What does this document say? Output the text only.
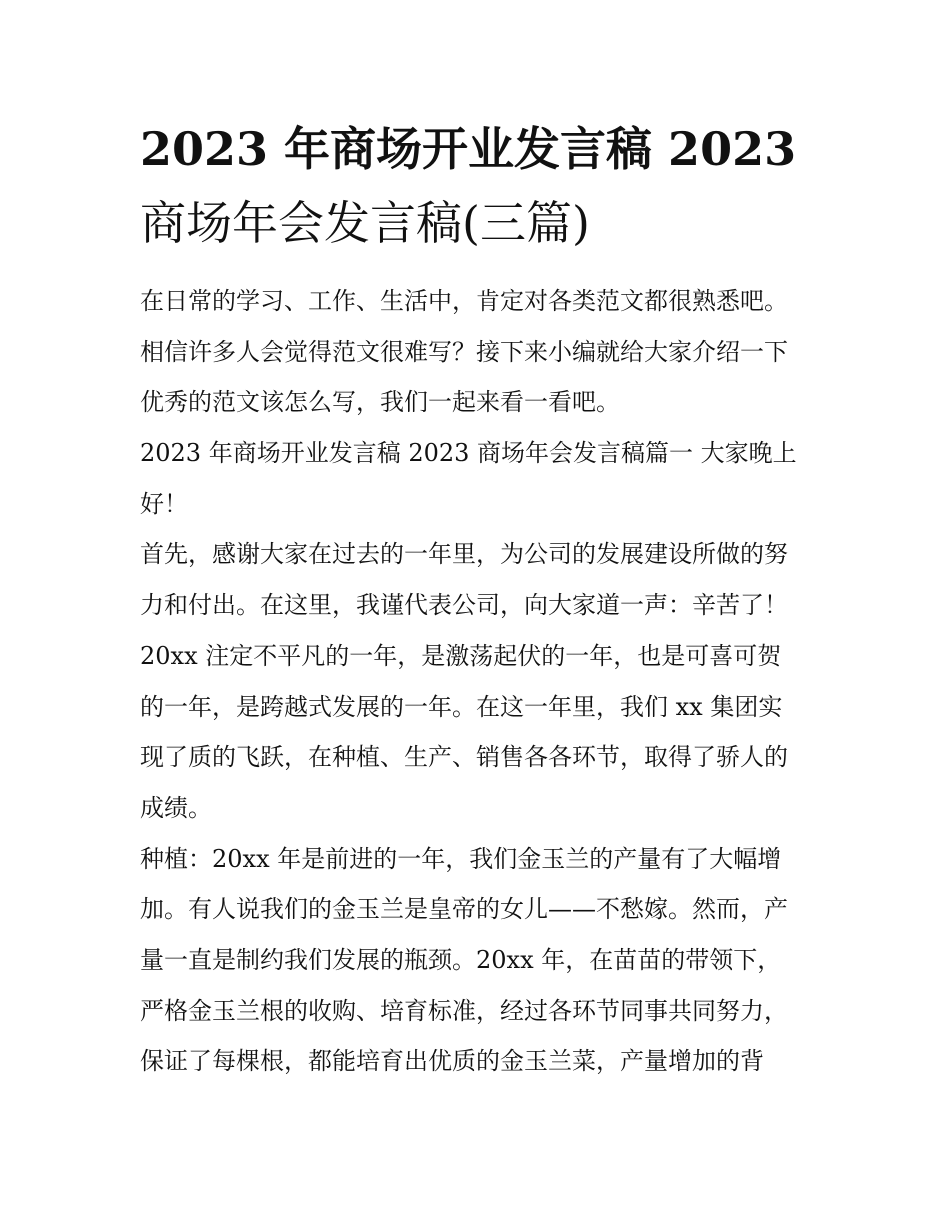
2023 年商场开业发言稿 2023
商场年会发言稿(三篇)
在日常的学习、工作、生活中，肯定对各类范文都很熟悉吧。
相信许多人会觉得范文很难写？接下来小编就给大家介绍一下
优秀的范文该怎么写，我们一起来看一看吧。
2023 年商场开业发言稿 2023 商场年会发言稿篇一 大家晚上
好！
首先，感谢大家在过去的一年里，为公司的发展建设所做的努
力和付出。在这里，我谨代表公司，向大家道一声：辛苦了！
20xx 注定不平凡的一年，是激荡起伏的一年，也是可喜可贺
的一年，是跨越式发展的一年。在这一年里，我们 xx 集团实
现了质的飞跃，在种植、生产、销售各各环节，取得了骄人的
成绩。
种植：20xx 年是前进的一年，我们金玉兰的产量有了大幅增
加。有人说我们的金玉兰是皇帝的女儿——不愁嫁。然而，产
量一直是制约我们发展的瓶颈。20xx 年，在苗苗的带领下，
严格金玉兰根的收购、培育标准，经过各环节同事共同努力，
保证了每棵根，都能培育出优质的金玉兰菜，产量增加的背
